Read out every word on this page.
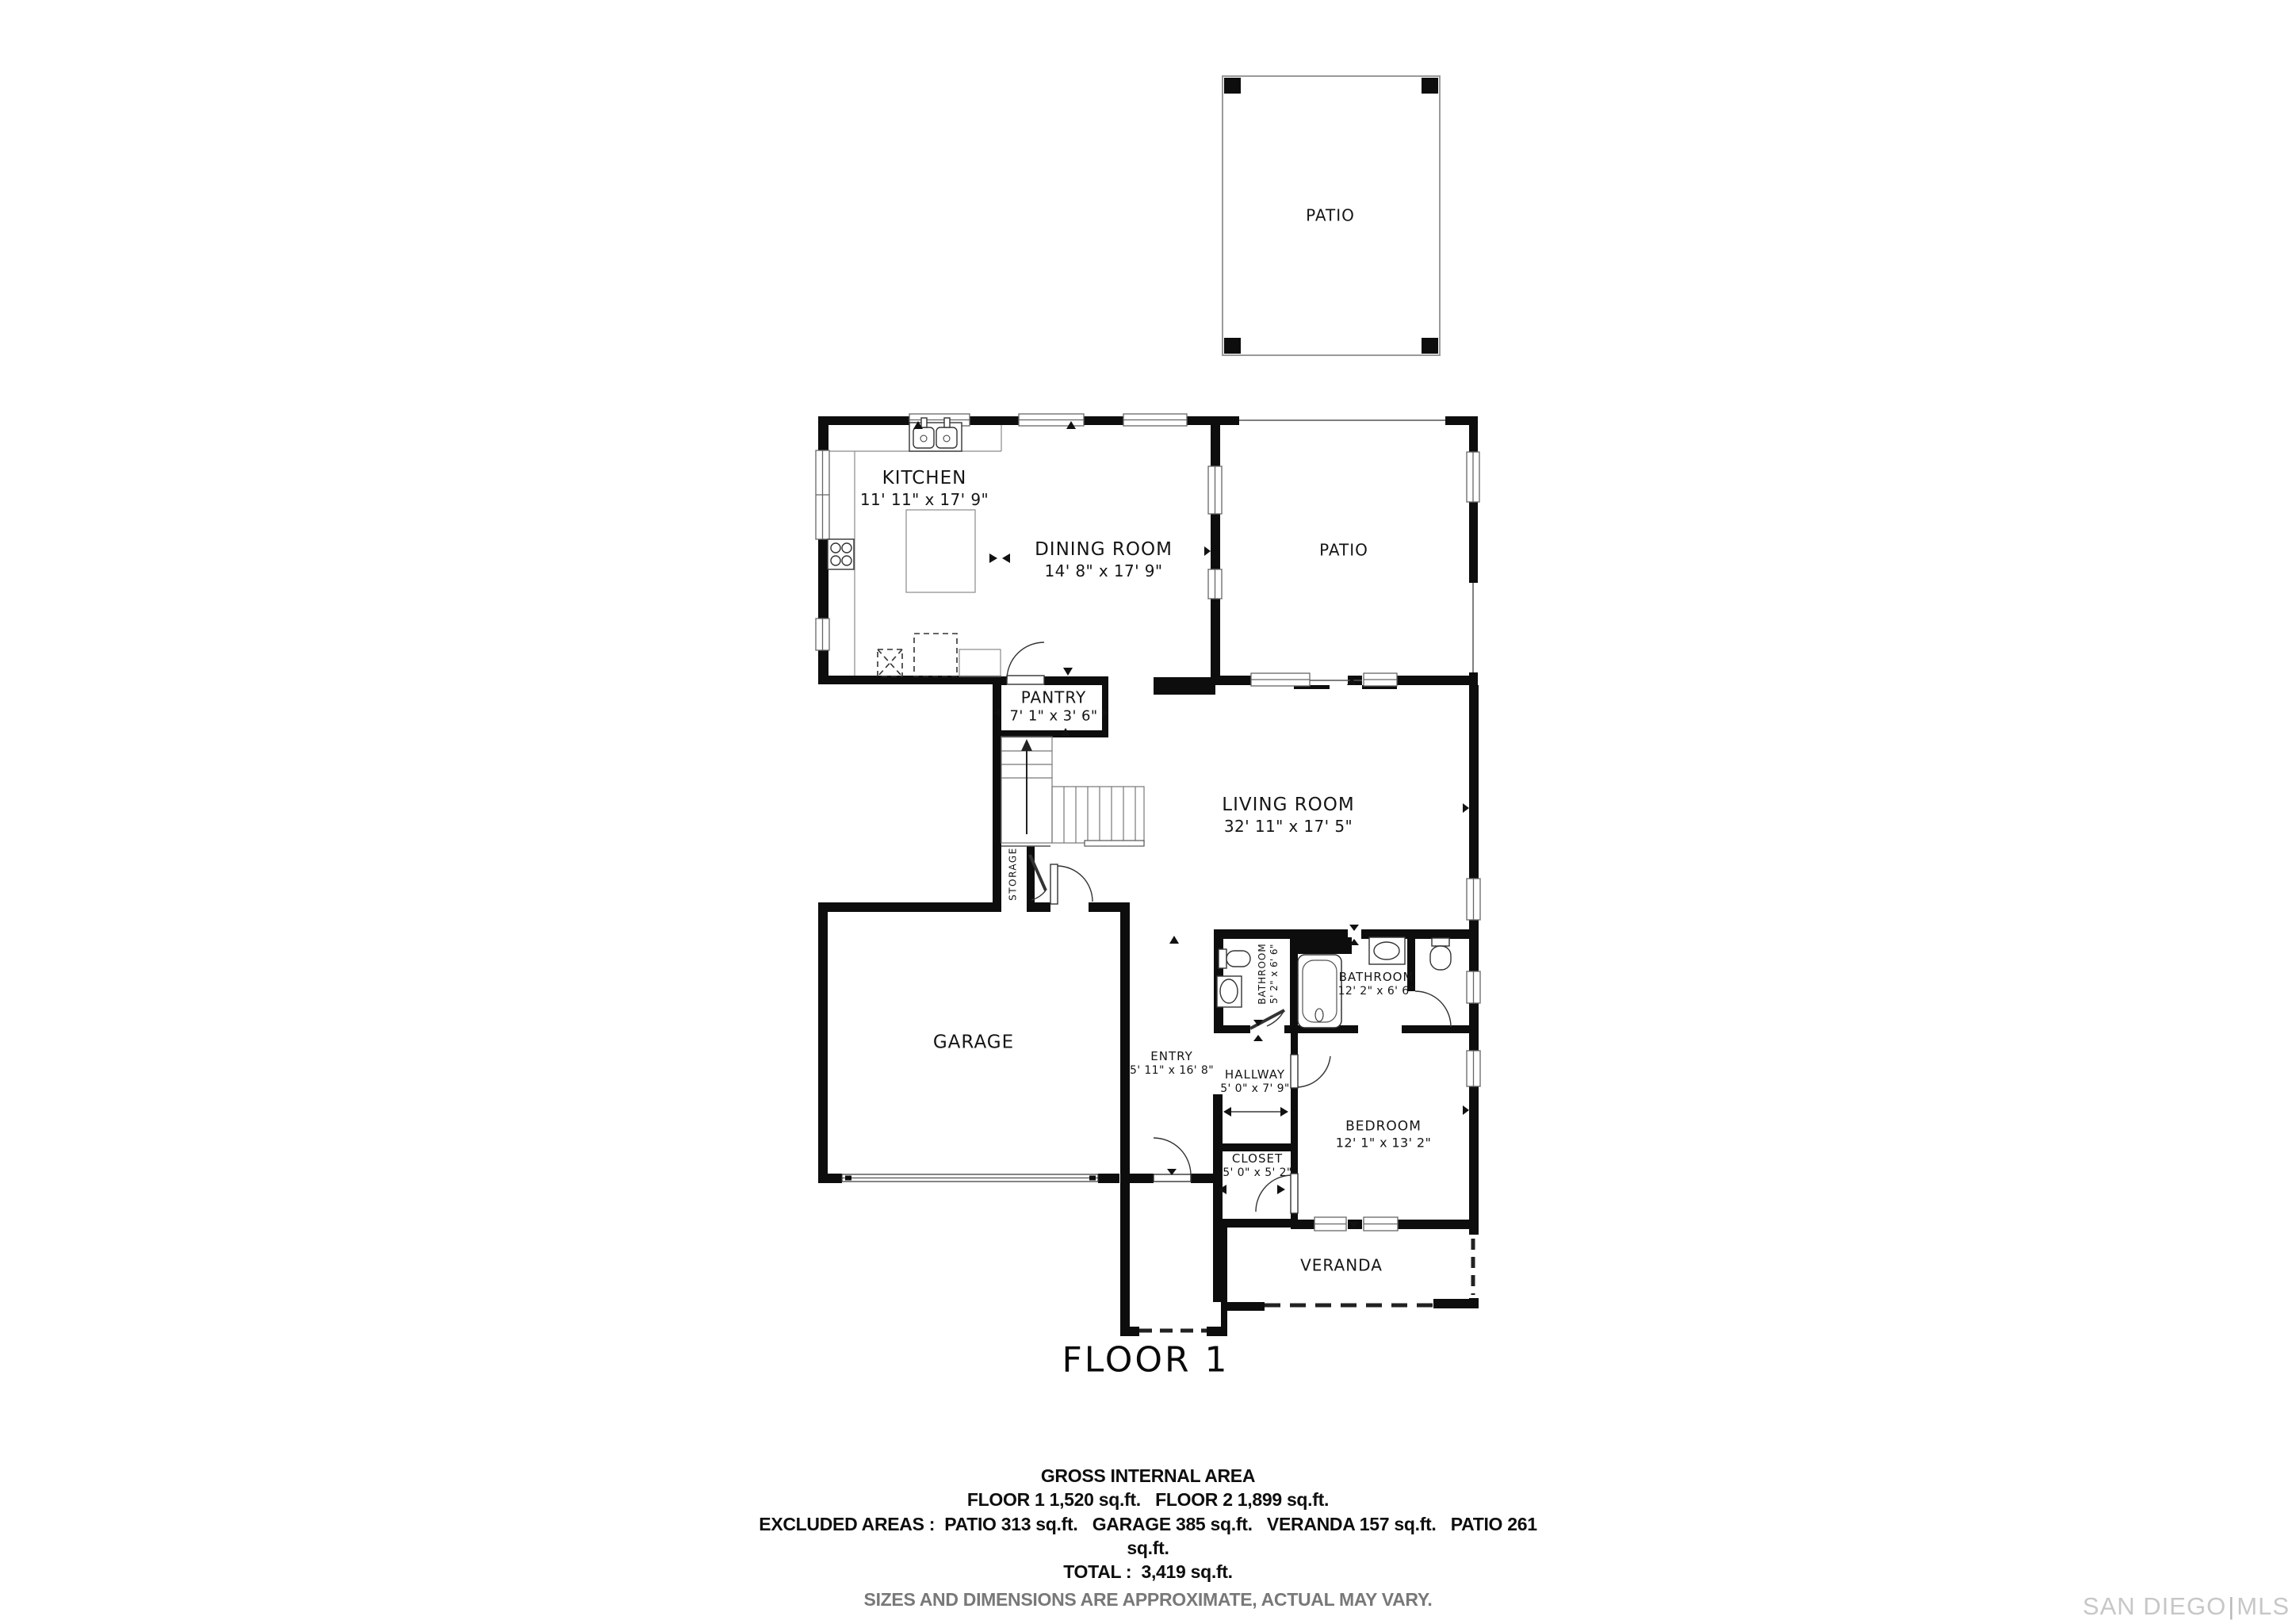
PATIO
KITCHEN
11' 11" x 17' 9"
DINING ROOM
14' 8" x 17' 9"
PATIO
PANTRY
7' 1" x 3' 6"
LIVING ROOM
32' 11" x 17' 5"
STORAGE
GARAGE
ENTRY
5' 11" x 16' 8"
BATHROOM 5' 2" x 6' 6"	BATHROOM
12' 2" x 6' 6"
HALLWAY
5' 0" x 7' 9"
CLOSET
5' 0" x 5' 2"
BEDROOM
12' 1" x 13' 2"
VERANDA
FLOOR 1
GROSS INTERNAL AREA
FLOOR 1 1,520 sq.ft.   FLOOR 2 1,899 sq.ft.
EXCLUDED AREAS :  PATIO 313 sq.ft.   GARAGE 385 sq.ft.   VERANDA 157 sq.ft.   PATIO 261
sq.ft.
TOTAL :  3,419 sq.ft.
SIZES AND DIMENSIONS ARE APPROXIMATE, ACTUAL MAY VARY.	SAN DIEGO|MLS
